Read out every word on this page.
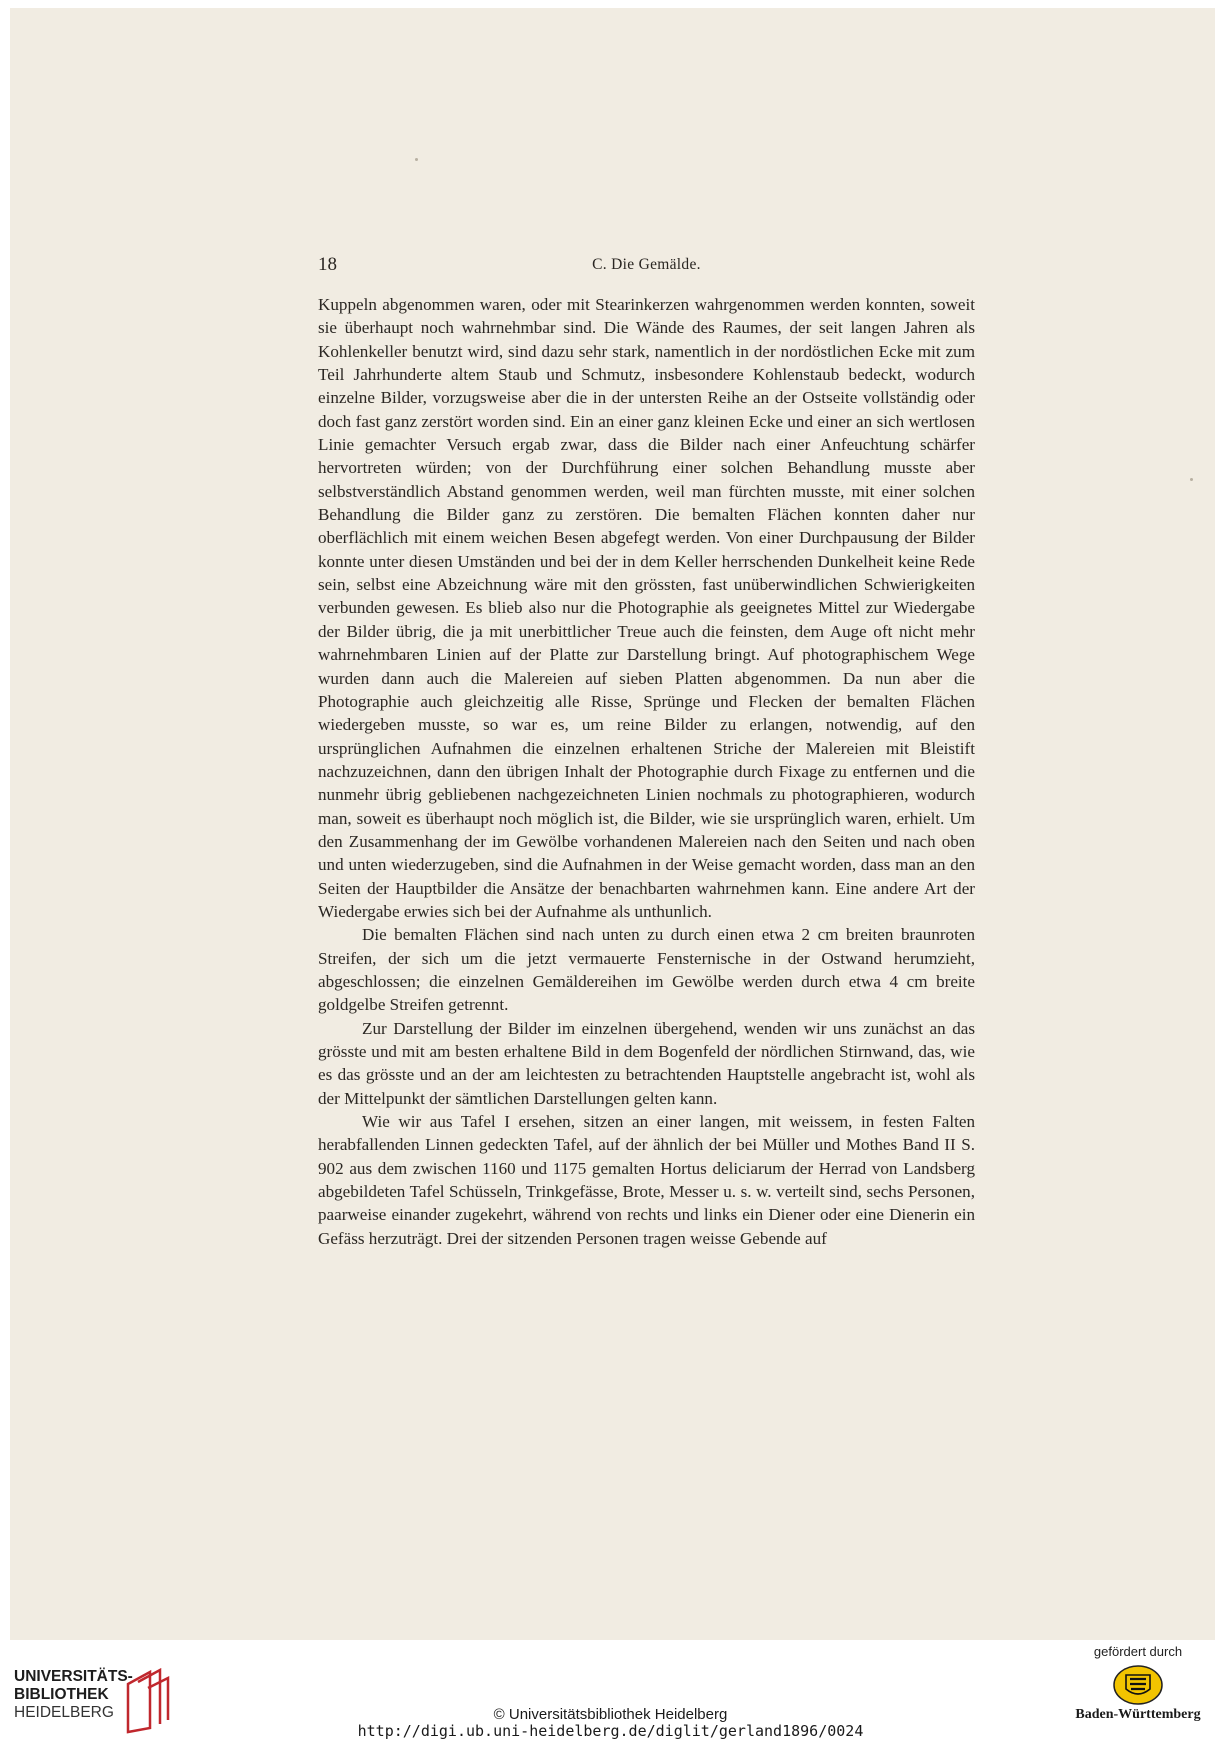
18	C. Die Gemälde.

Kuppeln abgenommen waren, oder mit Stearinkerzen wahrgenommen werden konnten, soweit sie überhaupt noch wahrnehmbar sind. Die Wände des Raumes, der seit langen Jahren als Kohlenkeller benutzt wird, sind dazu sehr stark, namentlich in der nordöstlichen Ecke mit zum Teil Jahrhunderte altem Staub und Schmutz, insbesondere Kohlenstaub bedeckt, wodurch einzelne Bilder, vorzugsweise aber die in der untersten Reihe an der Ostseite vollständig oder doch fast ganz zerstört worden sind. Ein an einer ganz kleinen Ecke und einer an sich wertlosen Linie gemachter Versuch ergab zwar, dass die Bilder nach einer Anfeuchtung schärfer hervortreten würden; von der Durchführung einer solchen Behandlung musste aber selbstverständlich Abstand genommen werden, weil man fürchten musste, mit einer solchen Behandlung die Bilder ganz zu zerstören. Die bemalten Flächen konnten daher nur oberflächlich mit einem weichen Besen abgefegt werden. Von einer Durchpausung der Bilder konnte unter diesen Umständen und bei der in dem Keller herrschenden Dunkelheit keine Rede sein, selbst eine Abzeichnung wäre mit den grössten, fast unüberwindlichen Schwierigkeiten verbunden gewesen. Es blieb also nur die Photographie als geeignetes Mittel zur Wiedergabe der Bilder übrig, die ja mit unerbittlicher Treue auch die feinsten, dem Auge oft nicht mehr wahrnehmbaren Linien auf der Platte zur Darstellung bringt. Auf photographischem Wege wurden dann auch die Malereien auf sieben Platten abgenommen. Da nun aber die Photographie auch gleichzeitig alle Risse, Sprünge und Flecken der bemalten Flächen wiedergeben musste, so war es, um reine Bilder zu erlangen, notwendig, auf den ursprünglichen Aufnahmen die einzelnen erhaltenen Striche der Malereien mit Bleistift nachzuzeichnen, dann den übrigen Inhalt der Photographie durch Fixage zu entfernen und die nunmehr übrig gebliebenen nachgezeichneten Linien nochmals zu photographieren, wodurch man, soweit es überhaupt noch möglich ist, die Bilder, wie sie ursprünglich waren, erhielt. Um den Zusammenhang der im Gewölbe vorhandenen Malereien nach den Seiten und nach oben und unten wiederzugeben, sind die Aufnahmen in der Weise gemacht worden, dass man an den Seiten der Hauptbilder die Ansätze der benachbarten wahrnehmen kann. Eine andere Art der Wiedergabe erwies sich bei der Aufnahme als unthunlich.

Die bemalten Flächen sind nach unten zu durch einen etwa 2 cm breiten braunroten Streifen, der sich um die jetzt vermauerte Fensternische in der Ostwand herumzieht, abgeschlossen; die einzelnen Gemäldereihen im Gewölbe werden durch etwa 4 cm breite goldgelbe Streifen getrennt.

Zur Darstellung der Bilder im einzelnen übergehend, wenden wir uns zunächst an das grösste und mit am besten erhaltene Bild in dem Bogenfeld der nördlichen Stirnwand, das, wie es das grösste und an der am leichtesten zu betrachtenden Hauptstelle angebracht ist, wohl als der Mittelpunkt der sämtlichen Darstellungen gelten kann.

Wie wir aus Tafel I ersehen, sitzen an einer langen, mit weissem, in festen Falten herabfallenden Linnen gedeckten Tafel, auf der ähnlich der bei Müller und Mothes Band II S. 902 aus dem zwischen 1160 und 1175 gemalten Hortus deliciarum der Herrad von Landsberg abgebildeten Tafel Schüsseln, Trinkgefässe, Brote, Messer u. s. w. verteilt sind, sechs Personen, paarweise einander zugekehrt, während von rechts und links ein Diener oder eine Dienerin ein Gefäss herzuträgt. Drei der sitzenden Personen tragen weisse Gebende auf

UNIVERSITÄTS-
BIBLIOTHEK
HEIDELBERG	© Universitätsbibliothek Heidelberg
http://digi.ub.uni-heidelberg.de/diglit/gerland1896/0024
gefördert durch
Baden-Württemberg
